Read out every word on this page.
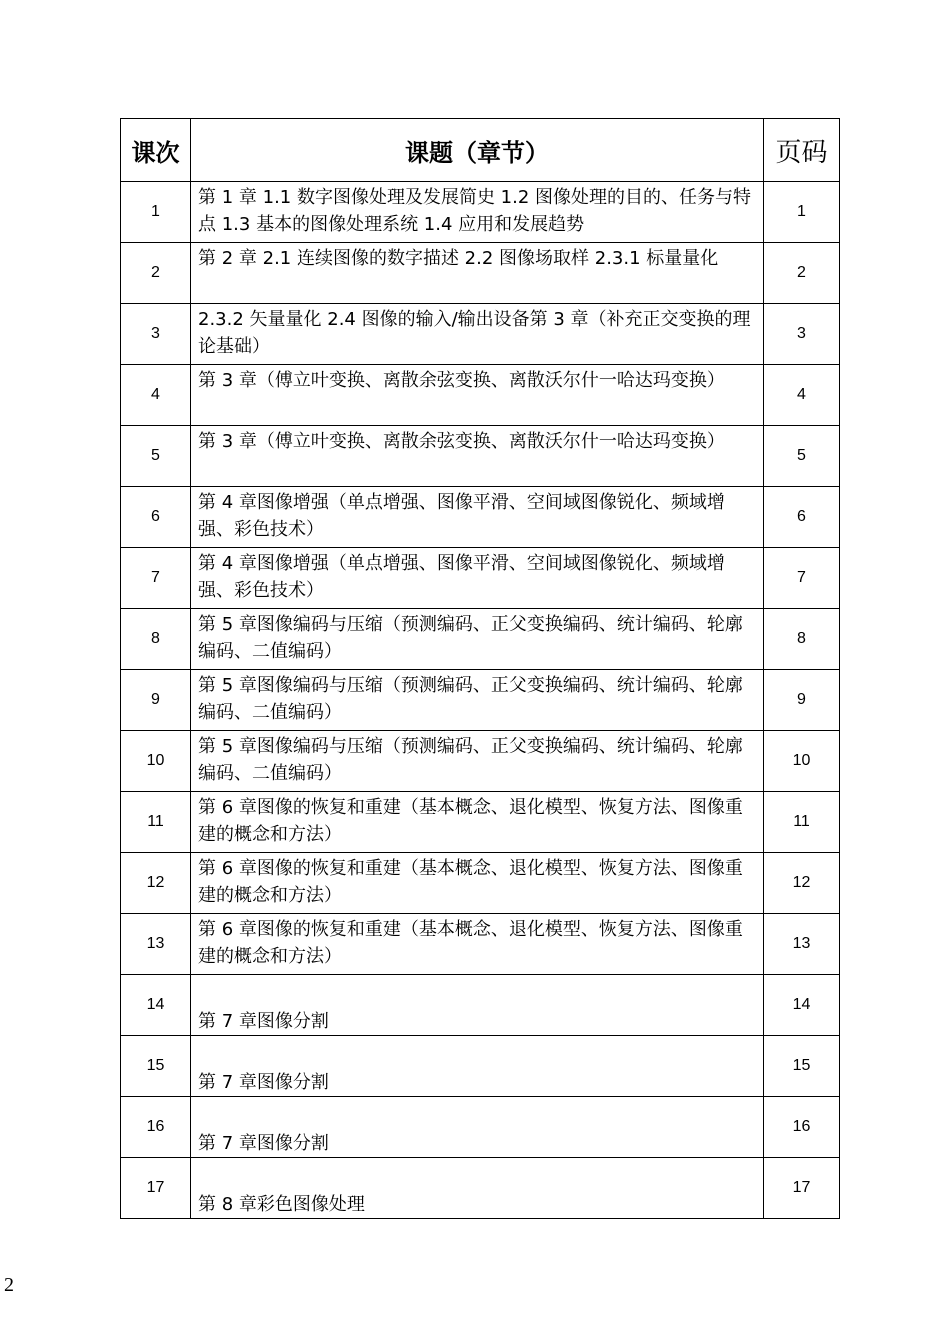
课次	课题（章节）	页码
1	第 1 章 1.1 数字图像处理及发展简史 1.2 图像处理的目的、任务与特点 1.3 基本的图像处理系统 1.4 应用和发展趋势	1
2	第 2 章 2.1 连续图像的数字描述 2.2 图像场取样 2.3.1 标量量化	2
3	2.3.2 矢量量化 2.4 图像的输入/输出设备第 3 章（补充正交变换的理论基础）	3
4	第 3 章（傅立叶变换、离散余弦变换、离散沃尔什一哈达玛变换）	4
5	第 3 章（傅立叶变换、离散余弦变换、离散沃尔什一哈达玛变换）	5
6	第 4 章图像增强（单点增强、图像平滑、空间域图像锐化、频域增强、彩色技术）	6
7	第 4 章图像增强（单点增强、图像平滑、空间域图像锐化、频域增强、彩色技术）	7
8	第 5 章图像编码与压缩（预测编码、正父变换编码、统计编码、轮廓编码、二值编码）	8
9	第 5 章图像编码与压缩（预测编码、正父变换编码、统计编码、轮廓编码、二值编码）	9
10	第 5 章图像编码与压缩（预测编码、正父变换编码、统计编码、轮廓编码、二值编码）	10
11	第 6 章图像的恢复和重建（基本概念、退化模型、恢复方法、图像重建的概念和方法）	11
12	第 6 章图像的恢复和重建（基本概念、退化模型、恢复方法、图像重建的概念和方法）	12
13	第 6 章图像的恢复和重建（基本概念、退化模型、恢复方法、图像重建的概念和方法）	13
14	第 7 章图像分割	14
15	第 7 章图像分割	15
16	第 7 章图像分割	16
17	第 8 章彩色图像处理	17
2
